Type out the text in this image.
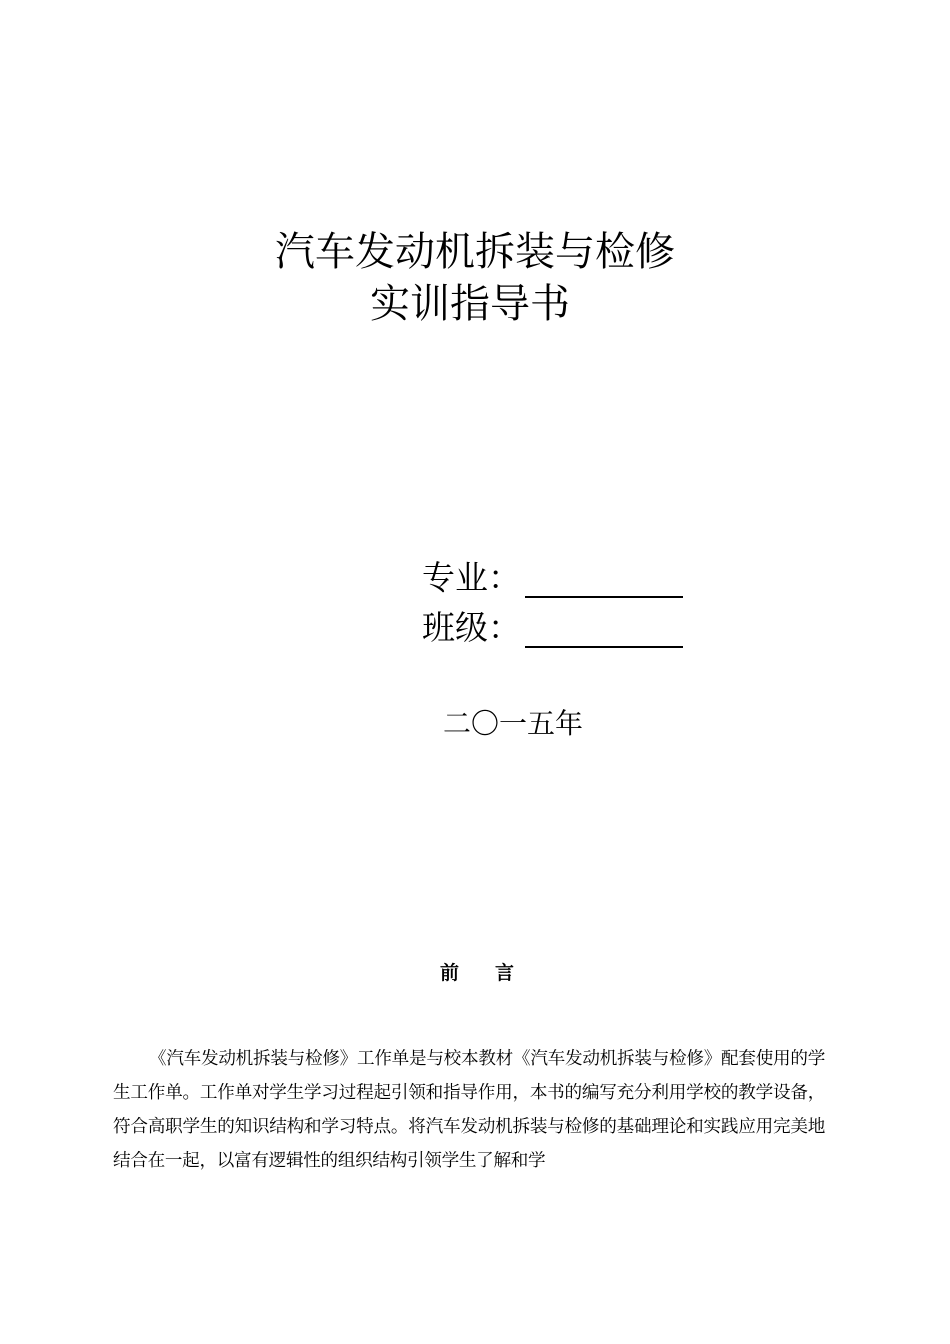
汽车发动机拆装与检修
实训指导书
专业：
班级：
二〇一五年
前言

《汽车发动机拆装与检修》工作单是与校本教材《汽车发动机拆装与检修》配套使用的学生工作单。工作单对学生学习过程起引领和指导作用，本书的编写充分利用学校的教学设备，符合高职学生的知识结构和学习特点。将汽车发动机拆装与检修的基础理论和实践应用完美地结合在一起，以富有逻辑性的组织结构引领学生了解和学
